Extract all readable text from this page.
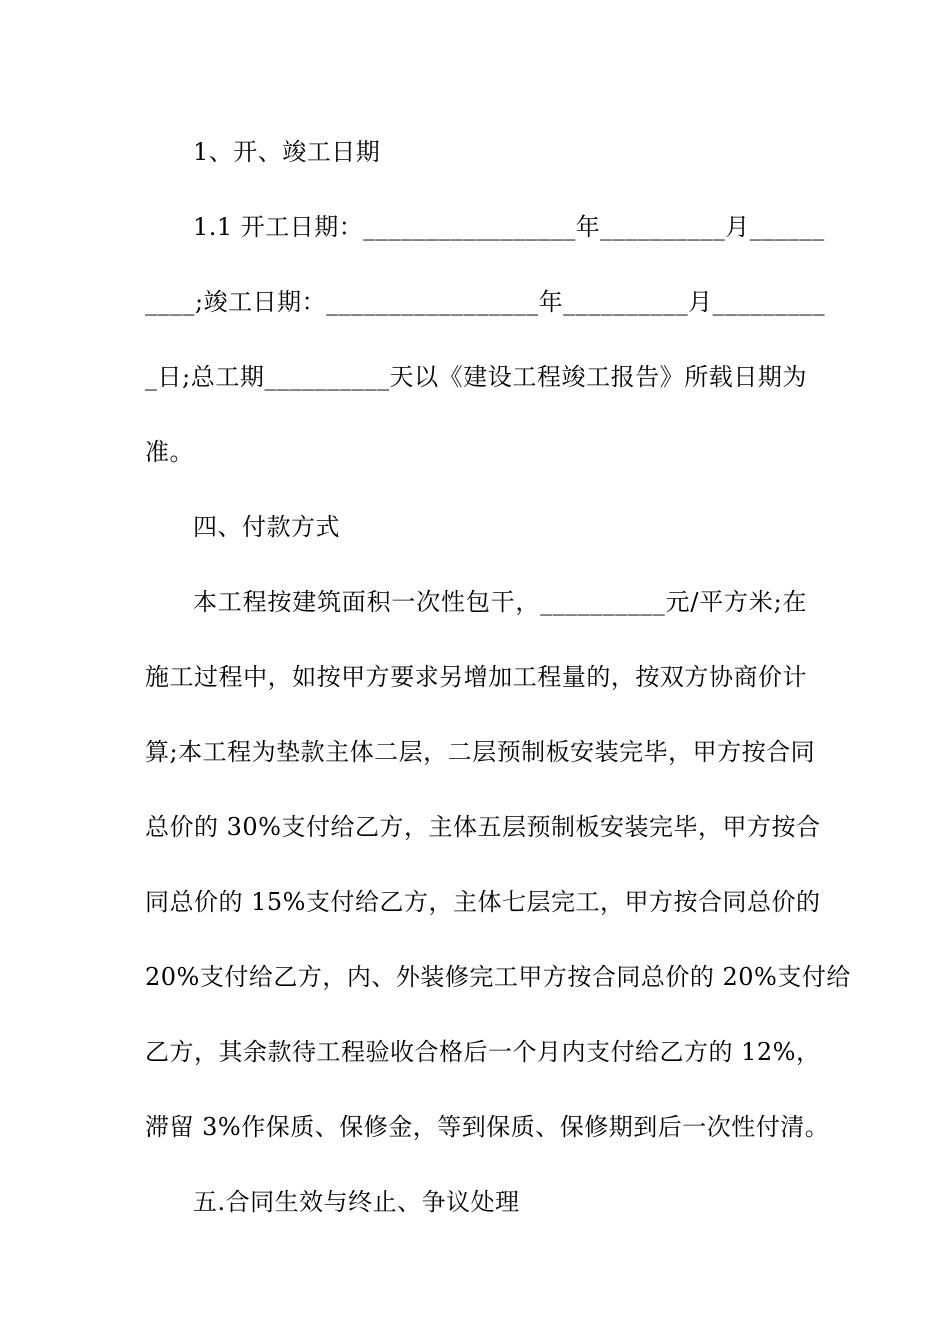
1、开、竣工日期
1.1 开工日期：_________________年__________月______
____;竣工日期：_________________年__________月_________
_日;总工期__________天以《建设工程竣工报告》所载日期为
准。
四、付款方式
本工程按建筑面积一次性包干，__________元/平方米;在
施工过程中，如按甲方要求另增加工程量的，按双方协商价计
算;本工程为垫款主体二层，二层预制板安装完毕，甲方按合同
总价的 30%支付给乙方，主体五层预制板安装完毕，甲方按合
同总价的 15%支付给乙方，主体七层完工，甲方按合同总价的
20%支付给乙方，内、外装修完工甲方按合同总价的 20%支付给
乙方，其余款待工程验收合格后一个月内支付给乙方的 12%，
滞留 3%作保质、保修金，等到保质、保修期到后一次性付清。
五.合同生效与终止、争议处理
